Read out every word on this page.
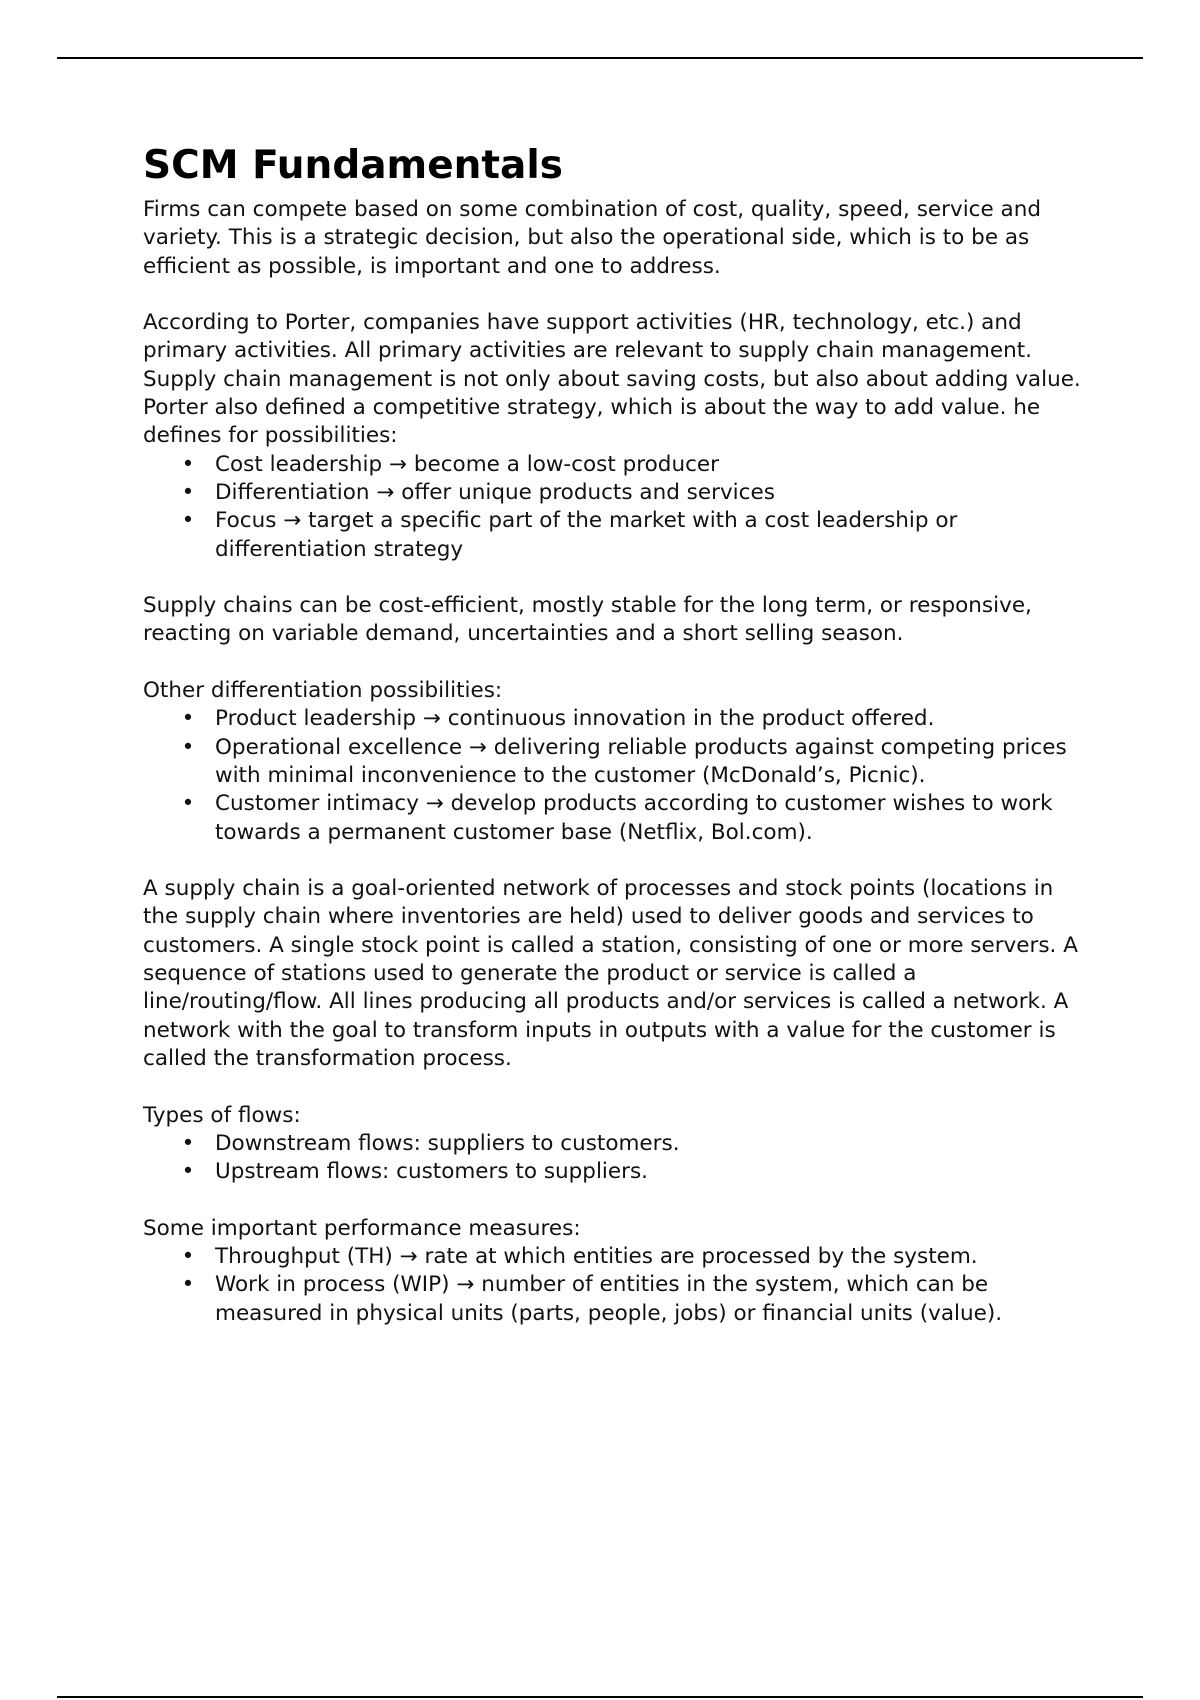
SCM Fundamentals

Firms can compete based on some combination of cost, quality, speed, service and variety. This is a strategic decision, but also the operational side, which is to be as efficient as possible, is important and one to address.

According to Porter, companies have support activities (HR, technology, etc.) and primary activities. All primary activities are relevant to supply chain management. Supply chain management is not only about saving costs, but also about adding value. Porter also defined a competitive strategy, which is about the way to add value. he defines for possibilities:

• Cost leadership → become a low-cost producer
• Differentiation → offer unique products and services
• Focus → target a specific part of the market with a cost leadership or differentiation strategy

Supply chains can be cost-efficient, mostly stable for the long term, or responsive, reacting on variable demand, uncertainties and a short selling season.

Other differentiation possibilities:

• Product leadership → continuous innovation in the product offered.
• Operational excellence → delivering reliable products against competing prices with minimal inconvenience to the customer (McDonald’s, Picnic).
• Customer intimacy → develop products according to customer wishes to work towards a permanent customer base (Netflix, Bol.com).

A supply chain is a goal-oriented network of processes and stock points (locations in the supply chain where inventories are held) used to deliver goods and services to customers. A single stock point is called a station, consisting of one or more servers. A sequence of stations used to generate the product or service is called a line/routing/flow. All lines producing all products and/or services is called a network. A network with the goal to transform inputs in outputs with a value for the customer is called the transformation process.

Types of flows:

• Downstream flows: suppliers to customers.
• Upstream flows: customers to suppliers.

Some important performance measures:

• Throughput (TH) → rate at which entities are processed by the system.
• Work in process (WIP) → number of entities in the system, which can be measured in physical units (parts, people, jobs) or financial units (value).
